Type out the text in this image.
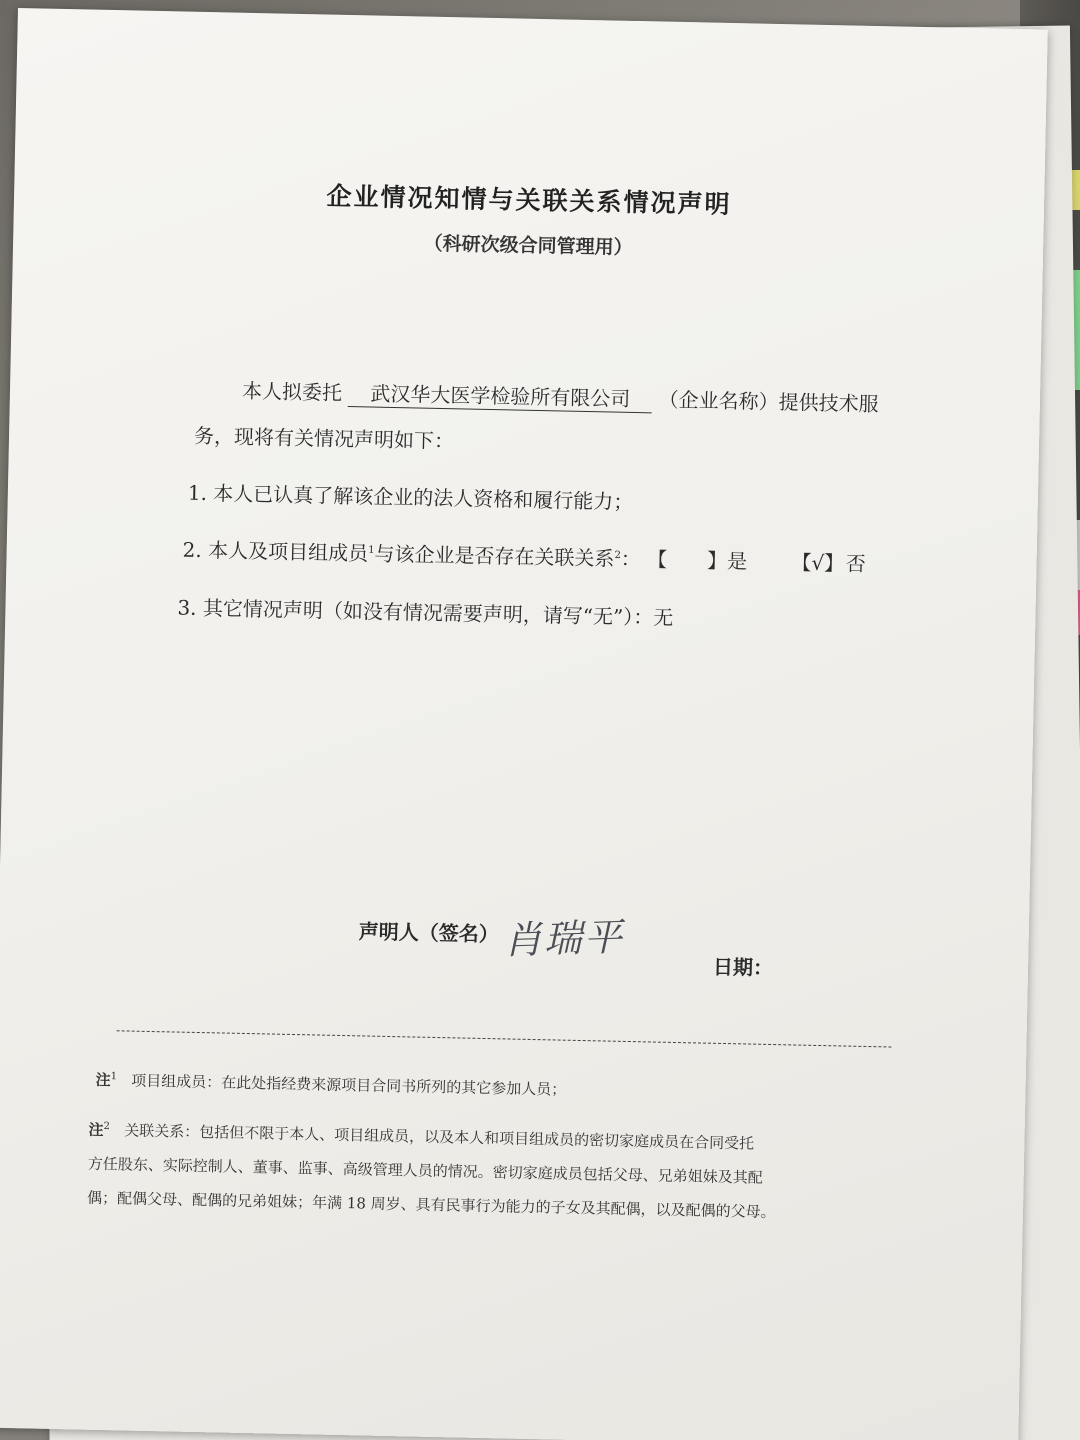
企业情况知情与关联关系情况声明
（科研次级合同管理用）
本人拟委托 武汉华大医学检验所有限公司 （企业名称）提供技术服
务，现将有关情况声明如下：
1. 本人已认真了解该企业的法人资格和履行能力；
2. 本人及项目组成员$^1$与该企业是否存在关联关系$^2$： 【　　】是 【√】否
3. 其它情况声明（如没有情况需要声明，请写“无”）：无
声明人（签名） 肖瑞平
日期：
注$^1$ 项目组成员：在此处指经费来源项目合同书所列的其它参加人员；
注$^2$ 关联关系：包括但不限于本人、项目组成员，以及本人和项目组成员的密切家庭成员在合同受托
方任股东、实际控制人、董事、监事、高级管理人员的情况。密切家庭成员包括父母、兄弟姐妹及其配
偶；配偶父母、配偶的兄弟姐妹；年满 18 周岁、具有民事行为能力的子女及其配偶，以及配偶的父母。
